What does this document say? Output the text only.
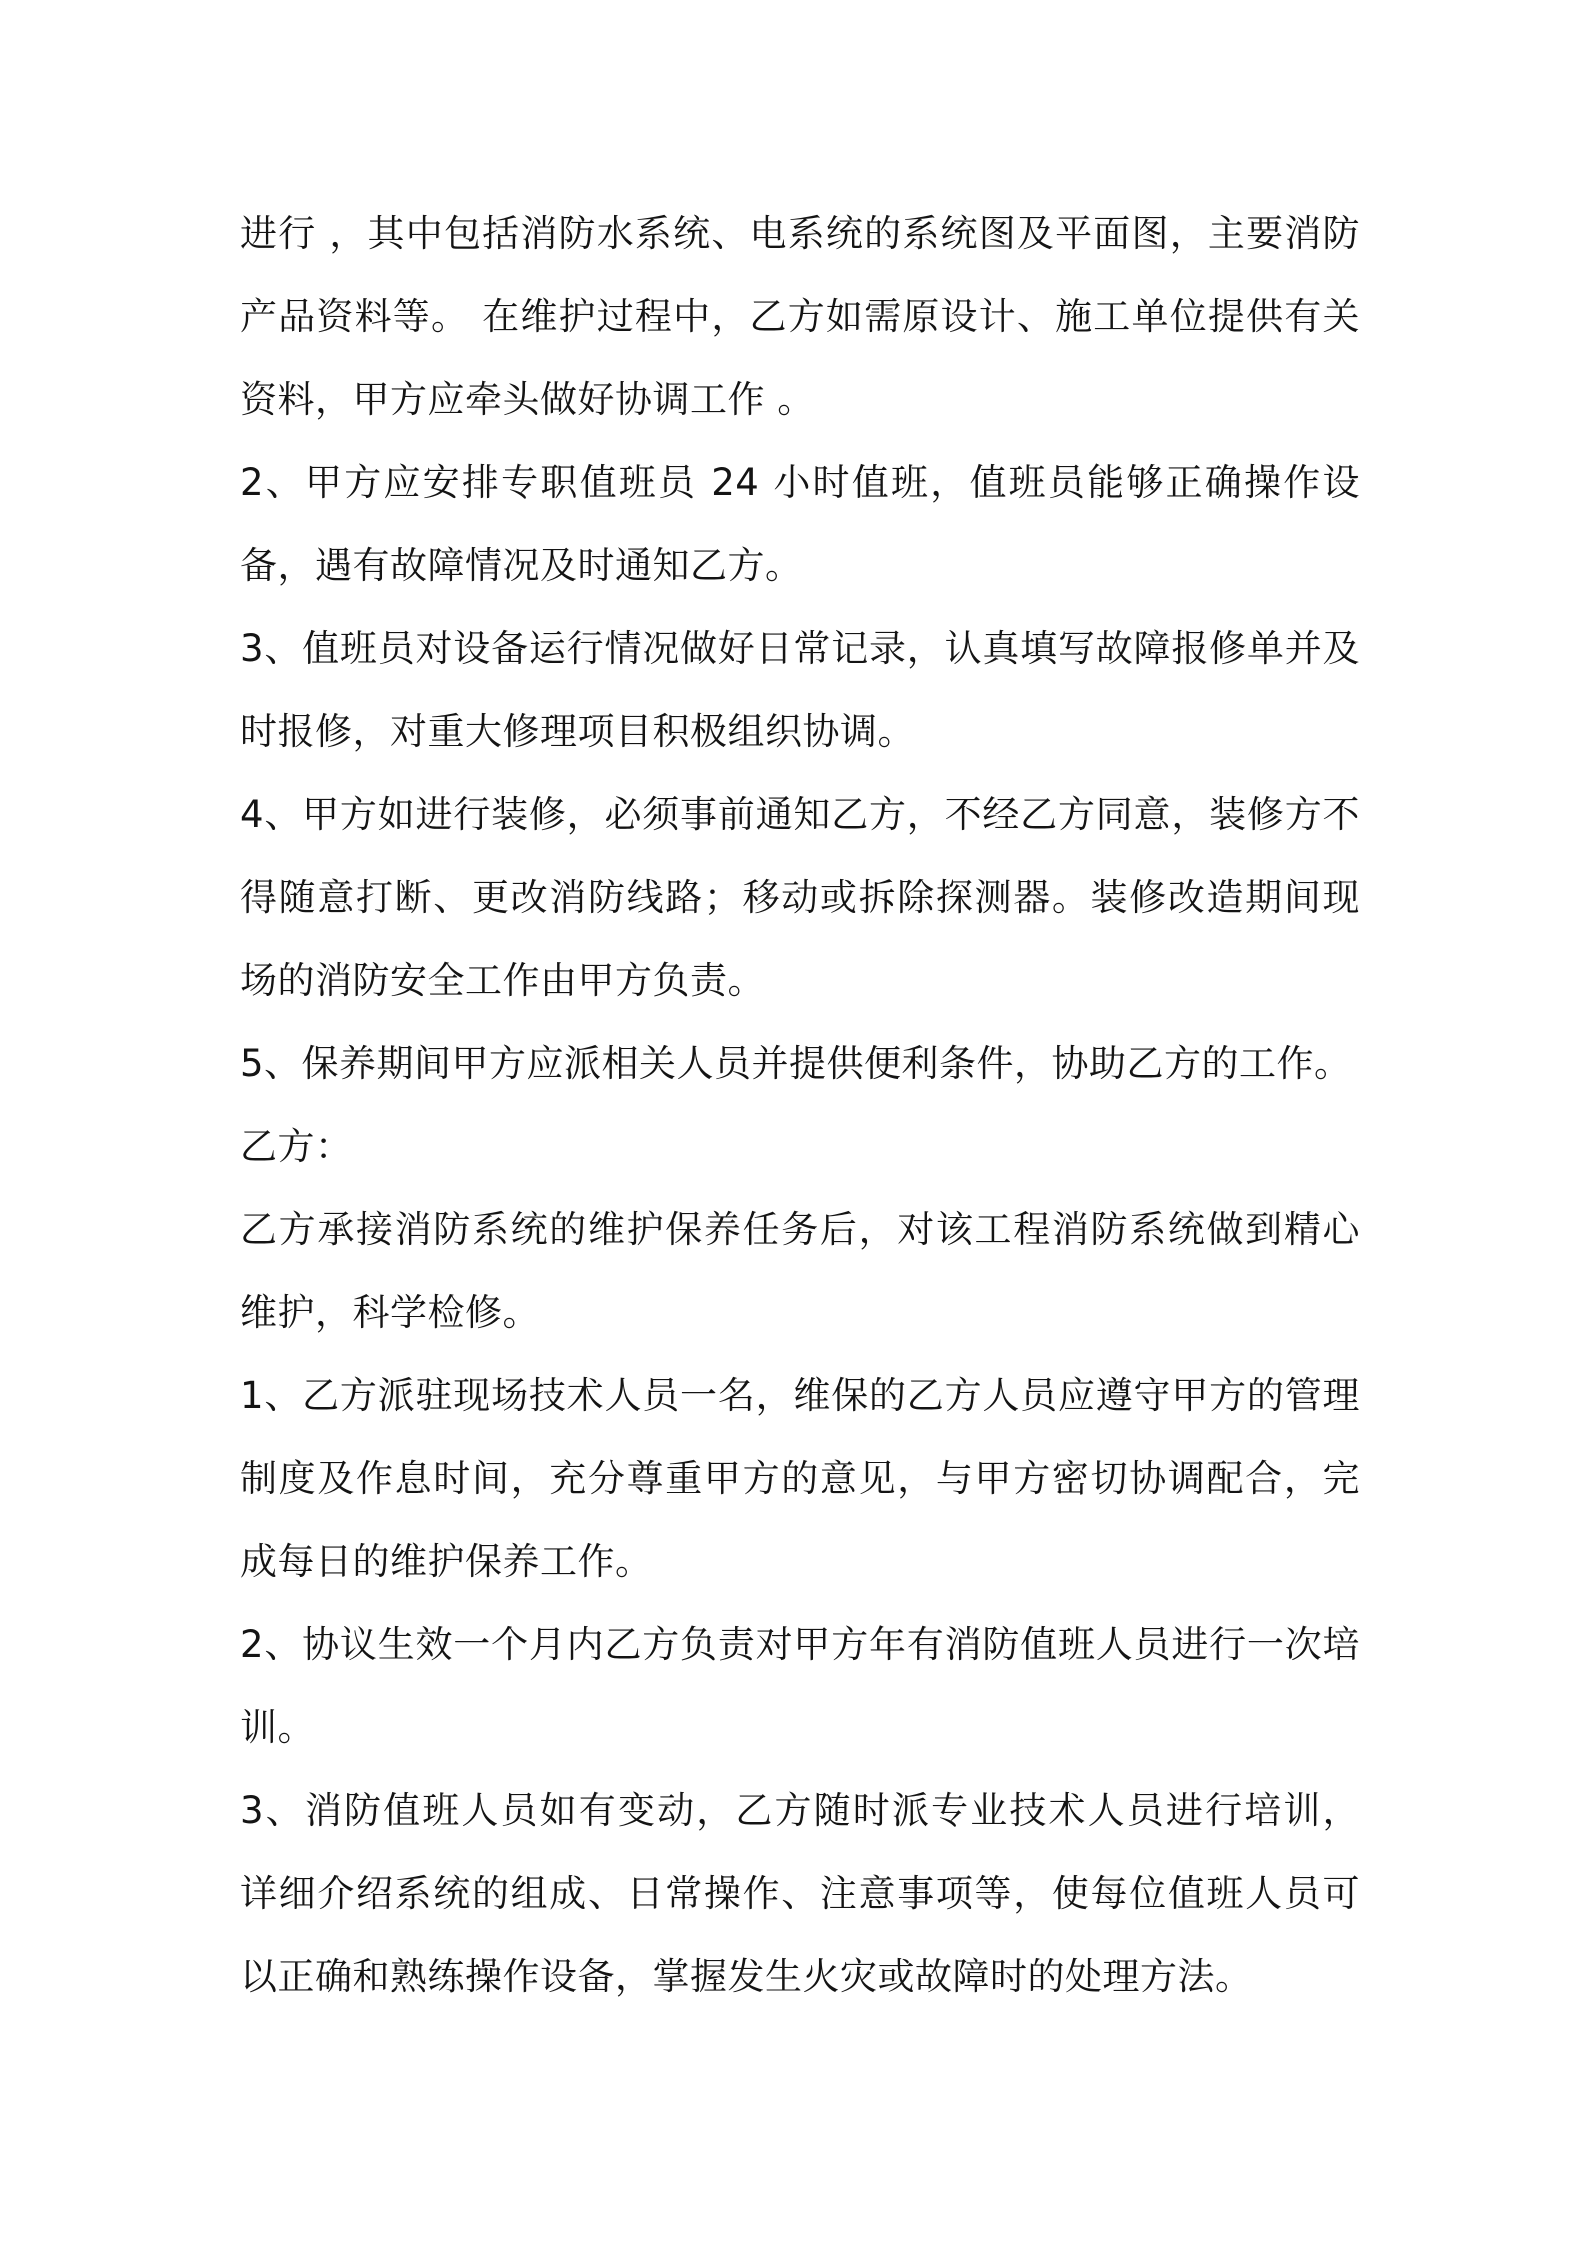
进行 ，其中包括消防水系统、电系统的系统图及平面图，主要消防产品资料等。 在维护过程中，乙方如需原设计、施工单位提供有关资料，甲方应牵头做好协调工作 。

2、甲方应安排专职值班员 24 小时值班，值班员能够正确操作设备，遇有故障情况及时通知乙方。

3、值班员对设备运行情况做好日常记录，认真填写故障报修单并及时报修，对重大修理项目积极组织协调。

4、甲方如进行装修，必须事前通知乙方，不经乙方同意，装修方不得随意打断、更改消防线路；移动或拆除探测器。装修改造期间现场的消防安全工作由甲方负责。

5、保养期间甲方应派相关人员并提供便利条件，协助乙方的工作。

乙方：

乙方承接消防系统的维护保养任务后，对该工程消防系统做到精心维护，科学检修。

1、乙方派驻现场技术人员一名，维保的乙方人员应遵守甲方的管理制度及作息时间，充分尊重甲方的意见，与甲方密切协调配合，完成每日的维护保养工作。

2、协议生效一个月内乙方负责对甲方年有消防值班人员进行一次培训。

3、消防值班人员如有变动，乙方随时派专业技术人员进行培训， 详细介绍系统的组成、日常操作、注意事项等，使每位值班人员可以正确和熟练操作设备，掌握发生火灾或故障时的处理方法。
